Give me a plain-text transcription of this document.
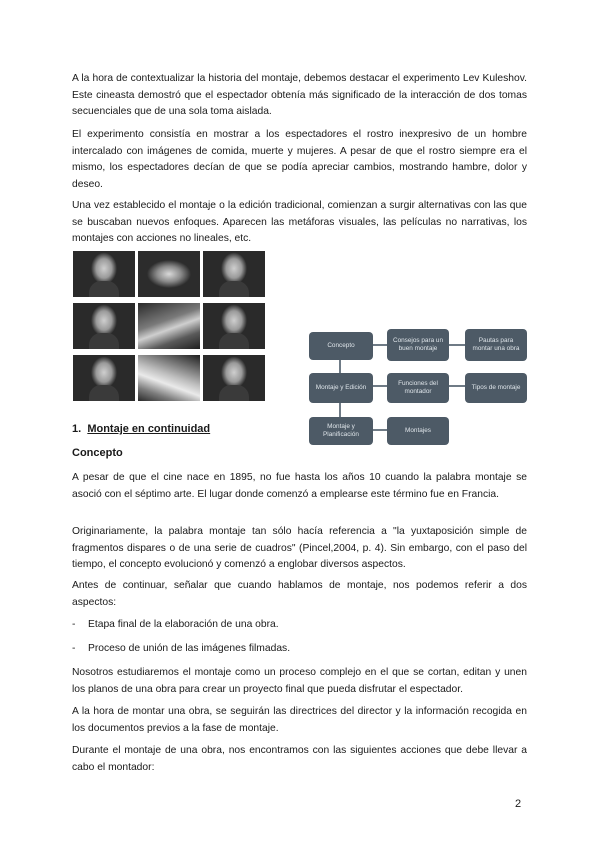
A la hora de contextualizar la historia del montaje, debemos destacar el experimento Lev Kuleshov. Este cineasta demostró que el espectador obtenía más significado de la interacción de dos tomas secuenciales que de una sola toma aislada.

El experimento consistía en mostrar a los espectadores el rostro inexpresivo de un hombre intercalado con imágenes de comida, muerte y mujeres. A pesar de que el rostro siempre era el mismo, los espectadores decían de que se podía apreciar cambios, mostrando hambre, dolor y deseo.

Una vez establecido el montaje o la edición tradicional, comienzan a surgir alternativas con las que se buscaban nuevos enfoques. Aparecen las metáforas visuales, las películas no narrativas, los montajes con acciones no lineales, etc.

Concepto
Consejos para un buen montaje
Pautas para montar una obra
Montaje y Edición
Funciones del montador
Tipos de montaje
Montaje y Planificación
Montajes

1. Montaje en continuidad

Concepto

A pesar de que el cine nace en 1895, no fue hasta los años 10 cuando la palabra montaje se asoció con el séptimo arte. El lugar donde comenzó a emplearse este término fue en Francia.

Originariamente, la palabra montaje tan sólo hacía referencia a "la yuxtaposición simple de fragmentos dispares o de una serie de cuadros" (Pincel,2004, p. 4). Sin embargo, con el paso del tiempo, el concepto evolucionó y comenzó a englobar diversos aspectos.

Antes de continuar, señalar que cuando hablamos de montaje, nos podemos referir a dos aspectos:

- Etapa final de la elaboración de una obra.

- Proceso de unión de las imágenes filmadas.

Nosotros estudiaremos el montaje como un proceso complejo en el que se cortan, editan y unen los planos de una obra para crear un proyecto final que pueda disfrutar el espectador.

A la hora de montar una obra, se seguirán las directrices del director y la información recogida en los documentos previos a la fase de montaje.

Durante el montaje de una obra, nos encontramos con las siguientes acciones que debe llevar a cabo el montador:

2
